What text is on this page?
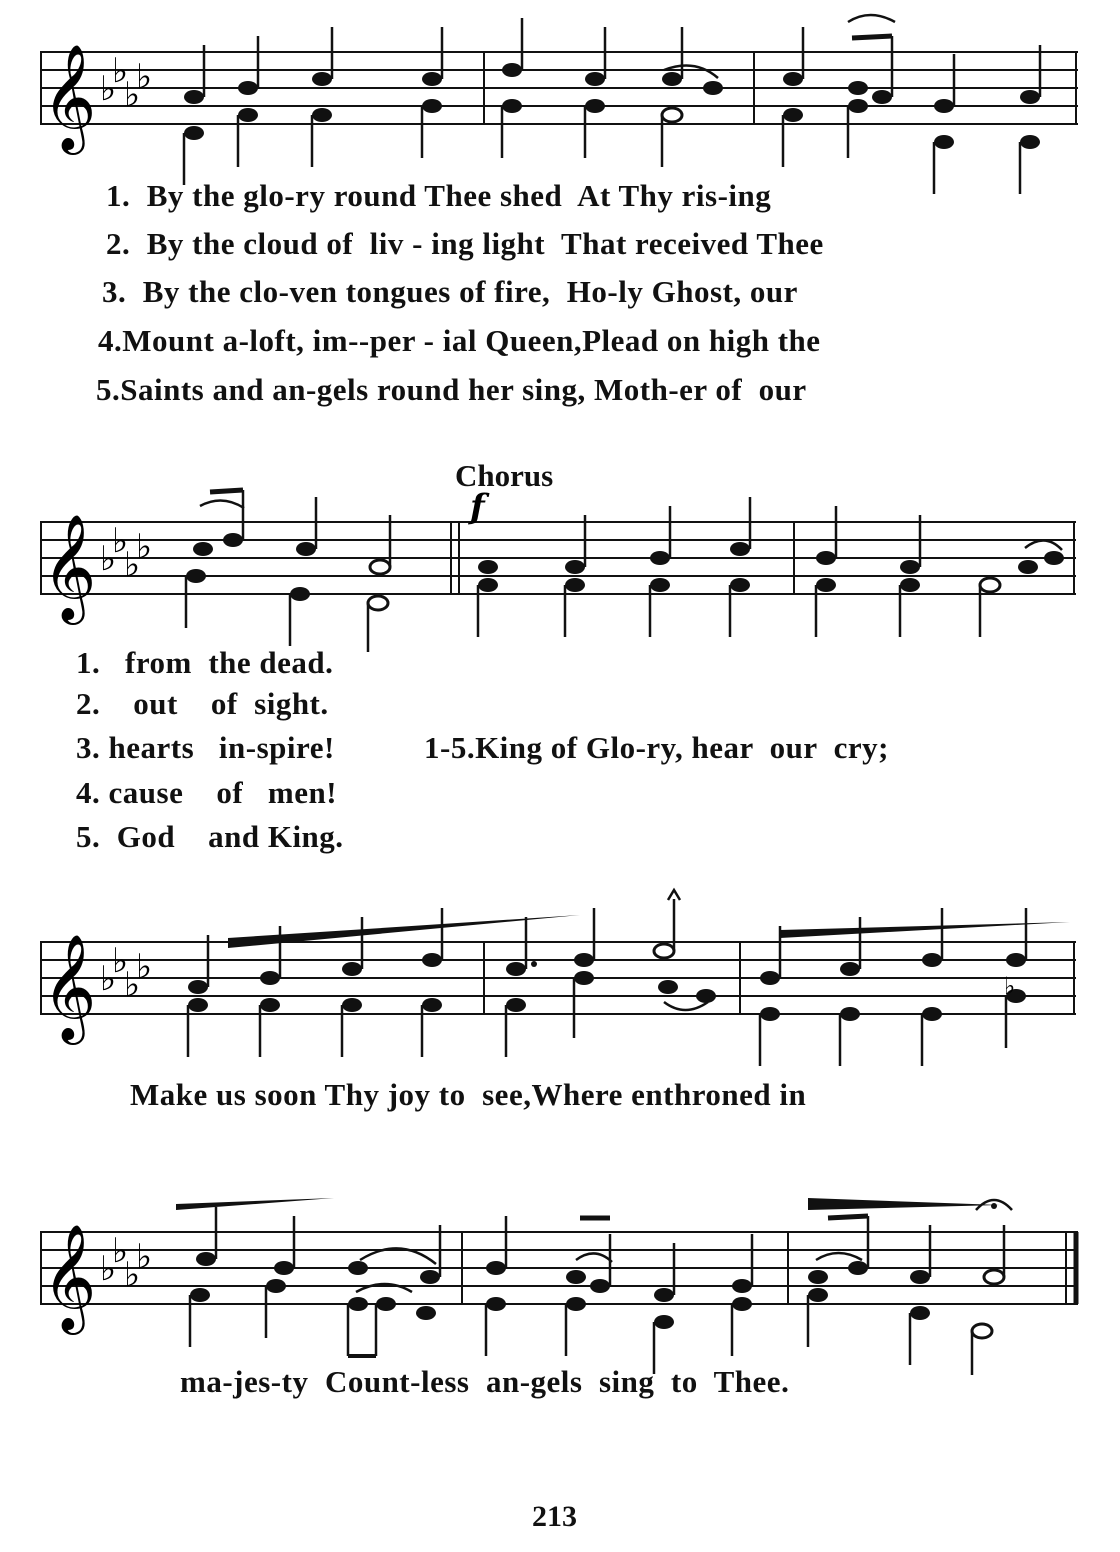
𝄞 ♭
♭
♭
♭
1.  By the glo-ry round Thee shed  At Thy ris-ing
2.  By the cloud of  liv - ing light  That received Thee
3.  By the clo-ven tongues of fire,  Ho-ly Ghost, our
4.Mount a-loft, im--per - ial Queen,Plead on high the
5.Saints and an-gels round her sing, Moth-er of  our
Chorus
𝄞 ♭
♭
♭
♭
f
1.   from  the dead.
2.    out    of  sight.
3. hearts   in-spire!	1-5.King of Glo-ry, hear  our  cry;
4. cause    of   men!
5.  God    and King.
𝄞 ♭
♭
♭
♭	♭
Make us soon Thy joy to  see,Where enthroned in
𝄞 ♭
♭
♭
♭
ma-jes-ty  Count-less  an-gels  sing  to  Thee.
213
